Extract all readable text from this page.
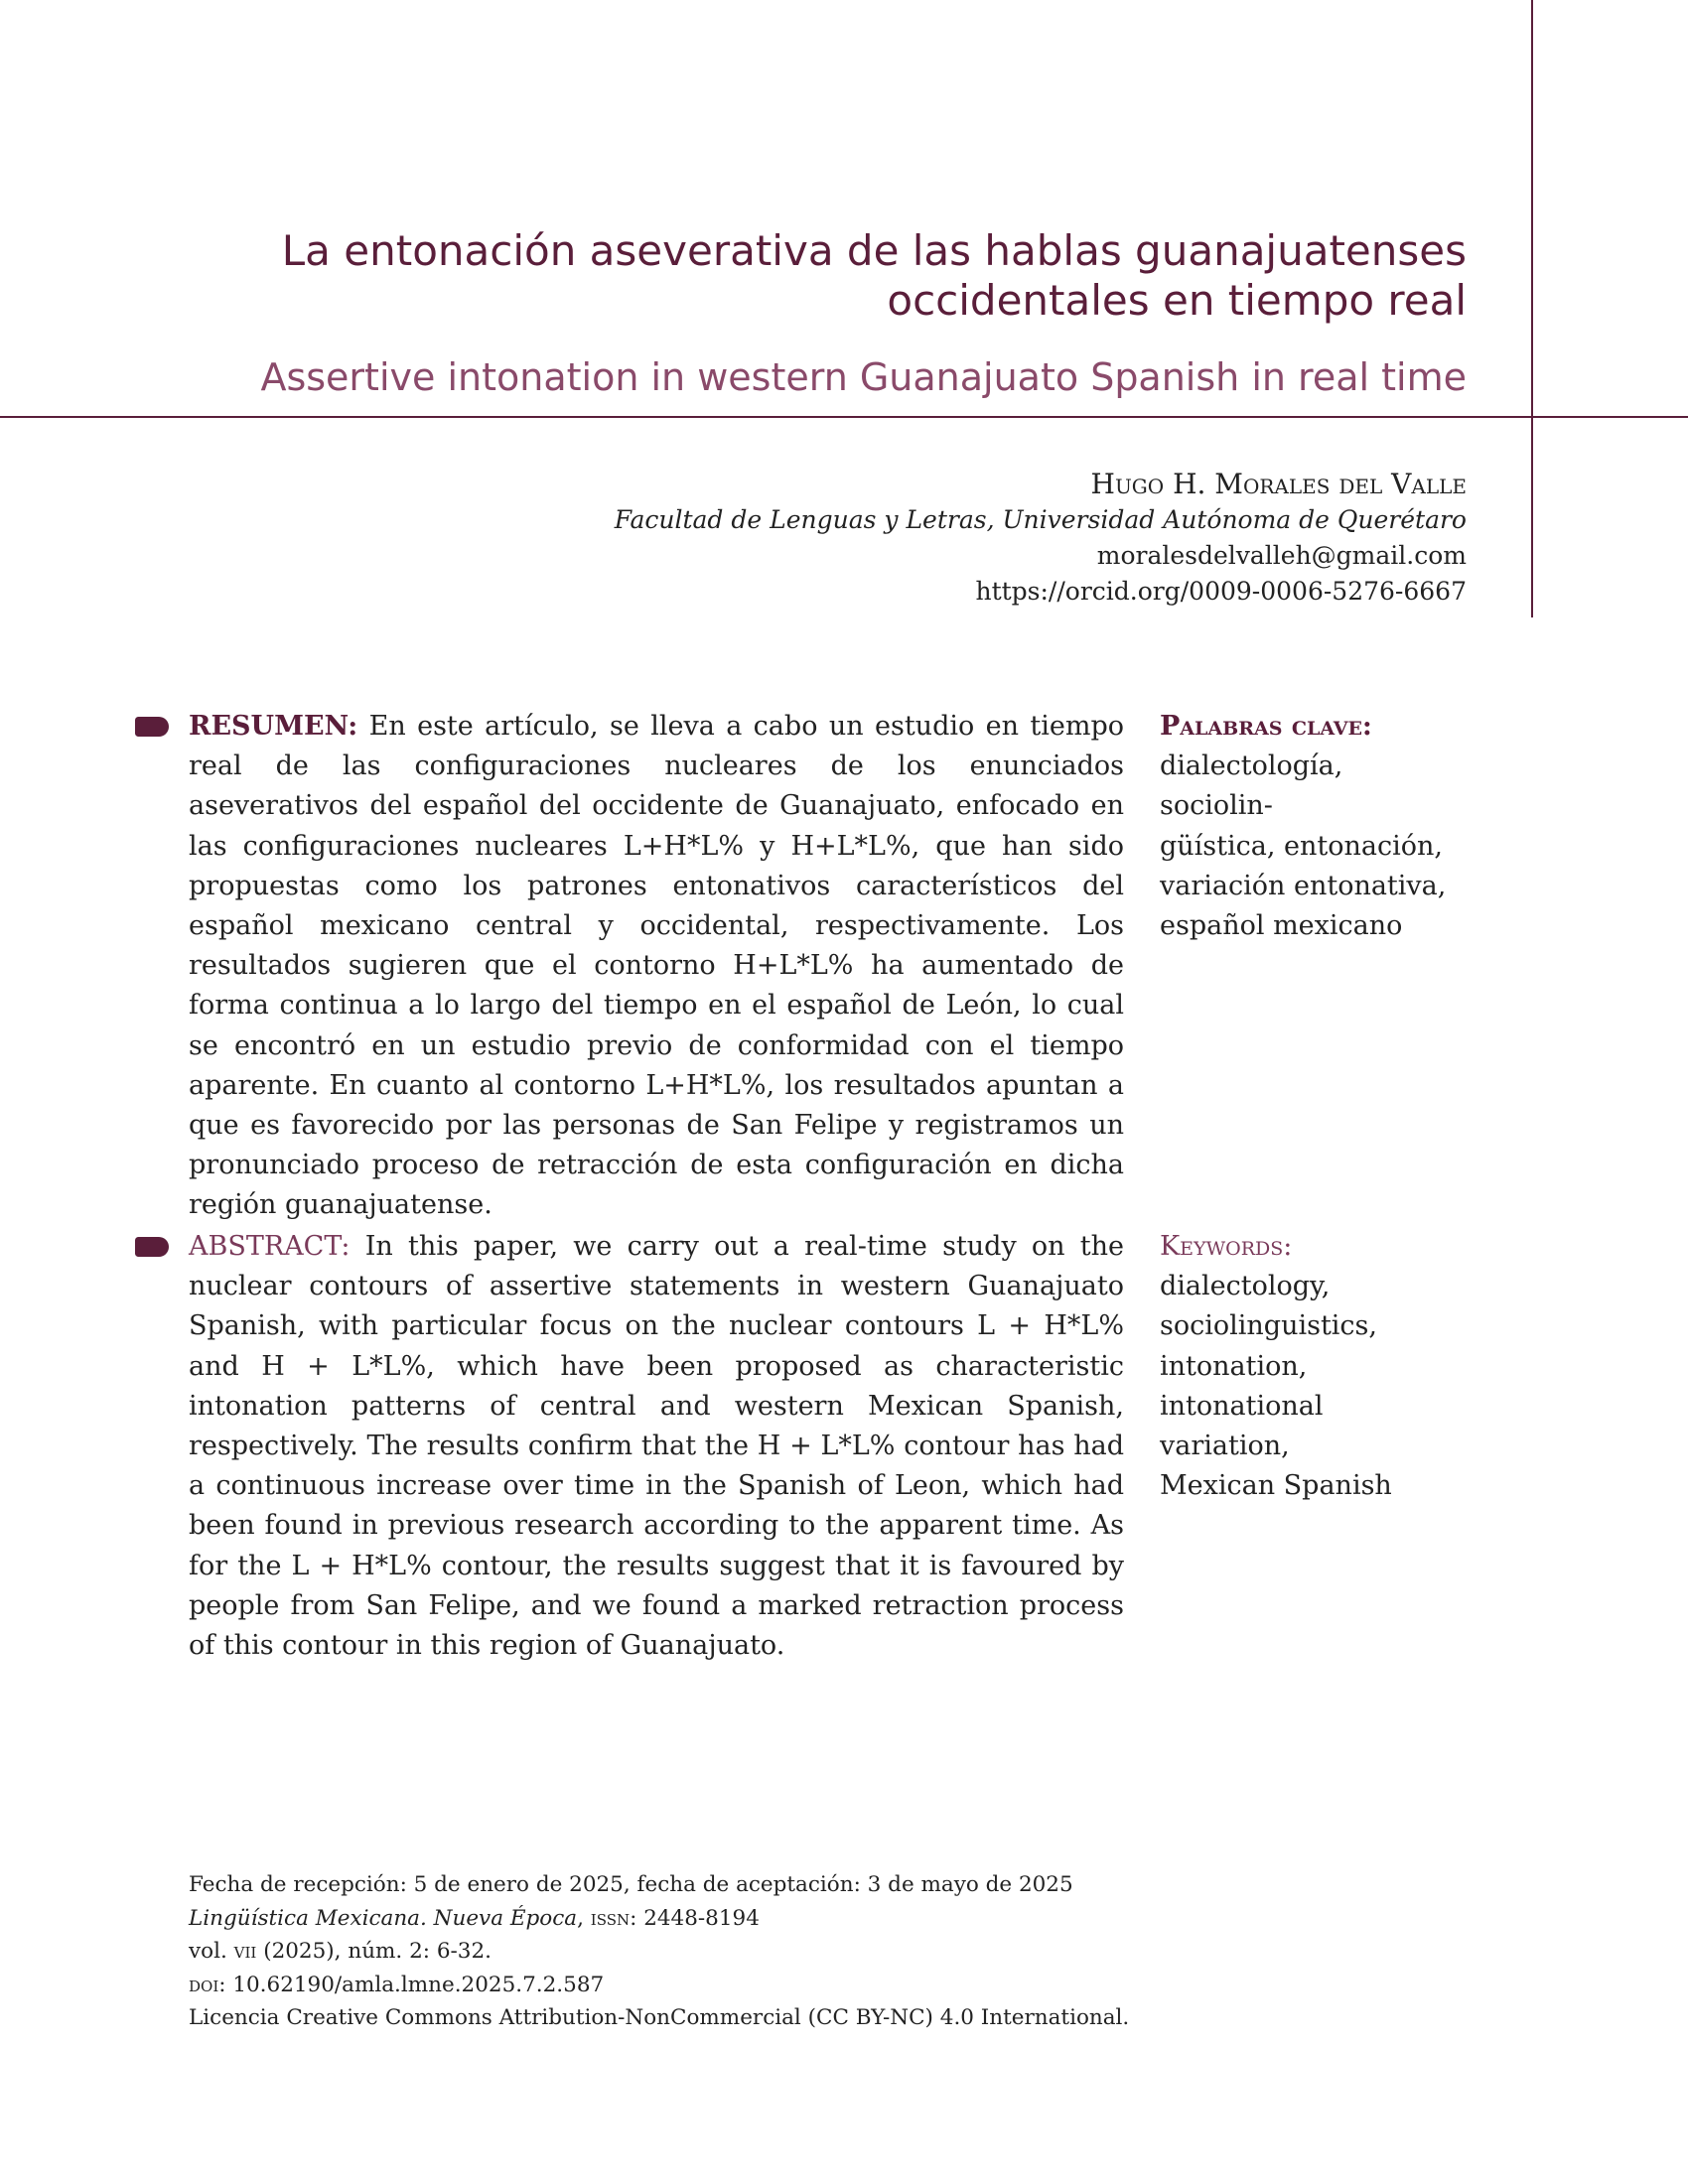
La entonación aseverativa de las hablas guanajuatenses occidentales en tiempo real
Assertive intonation in western Guanajuato Spanish in real time
Hugo H. Morales del Valle
Facultad de Lenguas y Letras, Universidad Autónoma de Querétaro
moralesdelvalleh@gmail.com
https://orcid.org/0009-0006-5276-6667
RESUMEN: En este artículo, se lleva a cabo un estudio en tiempo real de las configuraciones nucleares de los enunciados aseverativos del español del occidente de Guanajuato, enfocado en las configuraciones nucleares L+H*L% y H+L*L%, que han sido propuestas como los patrones entonativos característicos del español mexicano central y occidental, respectivamente. Los resultados sugieren que el contorno H+L*L% ha aumentado de forma continua a lo largo del tiempo en el español de León, lo cual se encontró en un estudio previo de conformidad con el tiempo aparente. En cuanto al contorno L+H*L%, los resultados apuntan a que es favorecido por las personas de San Felipe y registramos un pronunciado proceso de retracción de esta configuración en dicha región guanajuatense.
Palabras clave:
dialectología, sociolin-
güística, entonación,
variación entonativa,
español mexicano
ABSTRACT: In this paper, we carry out a real-time study on the nuclear contours of assertive statements in western Guanajuato Spanish, with particular focus on the nuclear contours L + H*L% and H + L*L%, which have been proposed as characteristic intonation patterns of central and western Mexican Spanish, respectively. The results confirm that the H + L*L% contour has had a continuous increase over time in the Spanish of Leon, which had been found in previous research according to the apparent time. As for the L + H*L% contour, the results suggest that it is favoured by people from San Felipe, and we found a marked retraction process of this contour in this region of Guanajuato.
Keywords:
dialectology,
sociolinguistics,
intonation,
intonational variation,
Mexican Spanish
Fecha de recepción: 5 de enero de 2025, fecha de aceptación: 3 de mayo de 2025
Lingüística Mexicana. Nueva Época, issn: 2448-8194
vol. vii (2025), núm. 2: 6-32.
doi: 10.62190/amla.lmne.2025.7.2.587
Licencia Creative Commons Attribution-NonCommercial (CC BY-NC) 4.0 International.
